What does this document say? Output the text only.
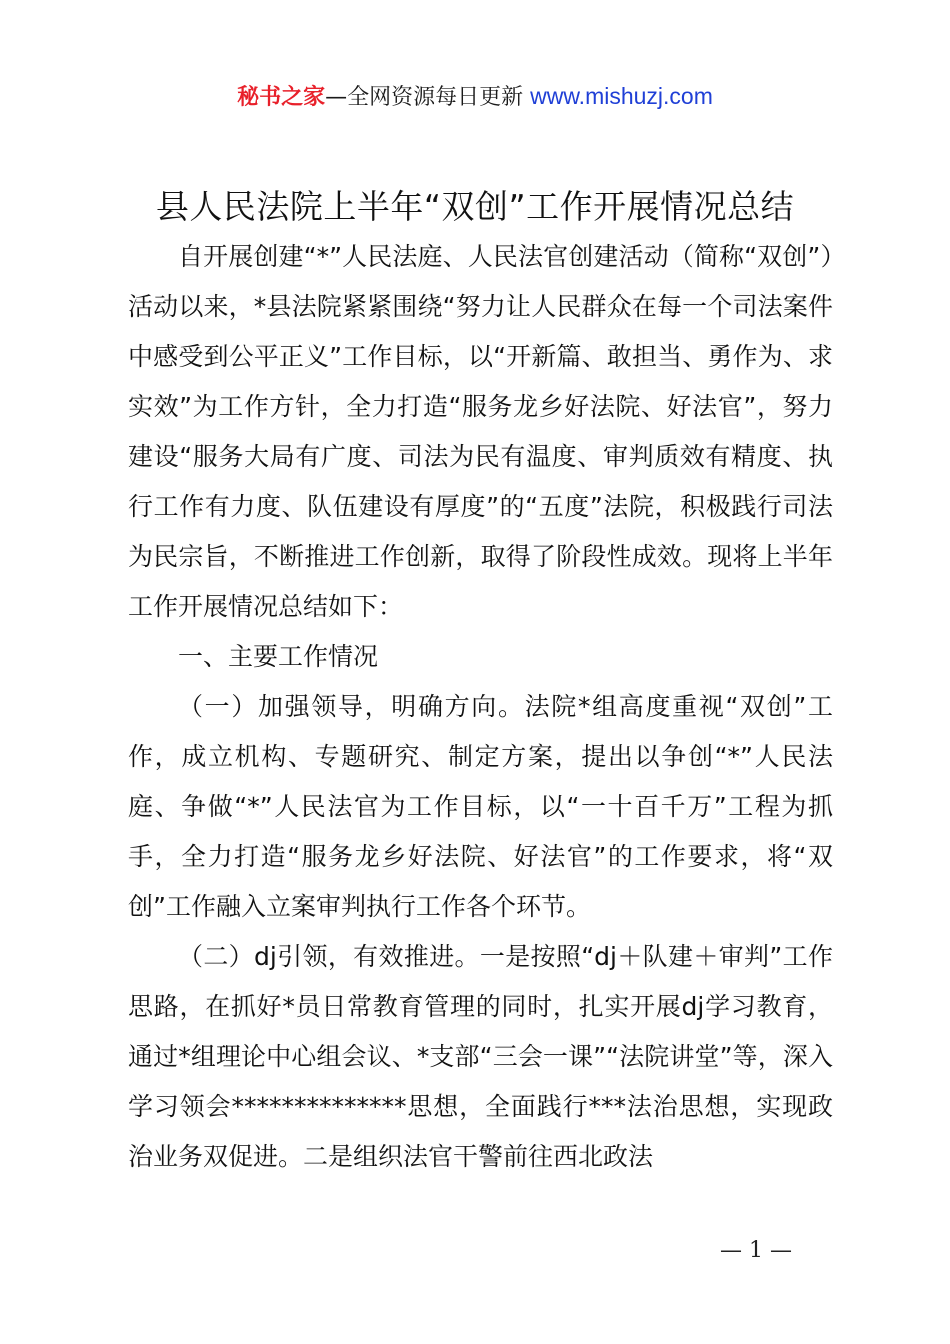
秘书之家—全网资源每日更新 www.mishuzj.com
县人民法院上半年“双创”工作开展情况总结

自开展创建“*”人民法庭、人民法官创建活动（简称“双创”）活动以来，*县法院紧紧围绕“努力让人民群众在每一个司法案件中感受到公平正义”工作目标，以“开新篇、敢担当、勇作为、求实效”为工作方针，全力打造“服务龙乡好法院、好法官”，努力建设“服务大局有广度、司法为民有温度、审判质效有精度、执行工作有力度、队伍建设有厚度”的“五度”法院，积极践行司法为民宗旨，不断推进工作创新，取得了阶段性成效。现将上半年工作开展情况总结如下：

一、主要工作情况

（一）加强领导，明确方向。法院*组高度重视“双创”工作，成立机构、专题研究、制定方案，提出以争创“*”人民法庭、争做“*”人民法官为工作目标，以“一十百千万”工程为抓手，全力打造“服务龙乡好法院、好法官”的工作要求，将“双创”工作融入立案审判执行工作各个环节。

（二）dj引领，有效推进。一是按照“dj＋队建＋审判”工作思路，在抓好*员日常教育管理的同时，扎实开展dj学习教育，通过*组理论中心组会议、*支部“三会一课”“法院讲堂”等，深入学习领会**************思想，全面践行***法治思想，实现政治业务双促进。二是组织法官干警前往西北政法

— 1 —
